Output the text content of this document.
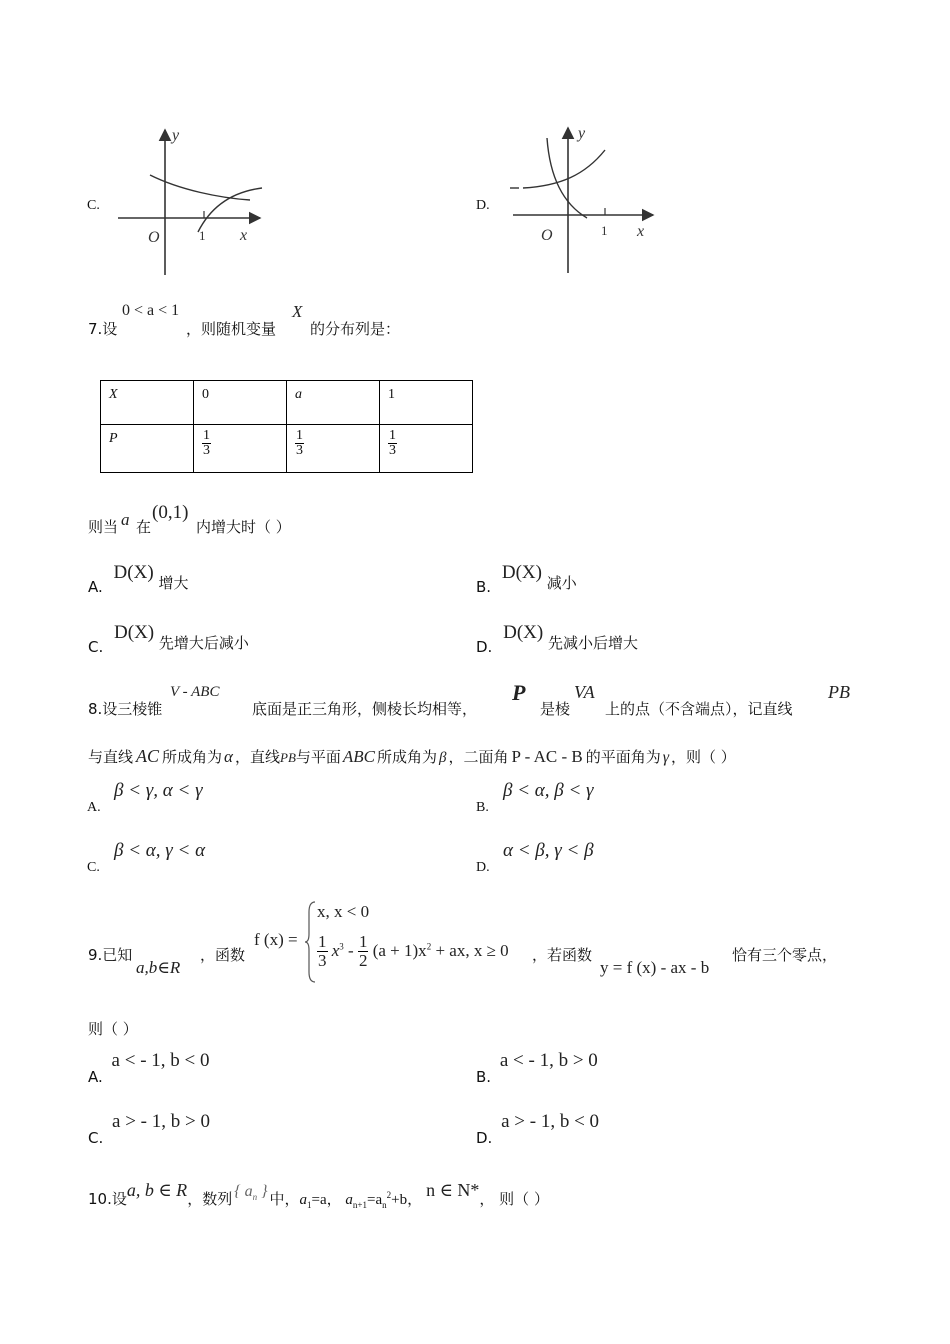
C.
y
x
O	1
D.
y
x
O	1
7.设
0 < a < 1
，则随机变量
X
的分布列是：
X	0	a	1
P	$\frac{1}{3}$	$\frac{1}{3}$	$\frac{1}{3}$
则当 a 在
(0,1)
内增大时（ ）
A. D(X) 增大	B. D(X) 减小
C. D(X) 先增大后减小	D. D(X) 先减小后增大
8.设三棱锥
V - ABC
底面是正三角形，侧棱长均相等，
P
是棱
VA
上的点（不含端点），记直线
PB
与直线 AC 所成角为 α ，直线PB与平面 ABC 所成角为 β ，二面角 P - AC - B 的平面角为 γ ，则（ ）
A.
β < γ, α < γ
B.
β < α, β < γ
C.
β < α, γ < α
D.
α < β, γ < β
9.已知
a,b∈R
，函数
f (x) =
x, x < 0
$\frac{1}{3} x^3 - \frac{1}{2} (a + 1)x^2$ + ax, x ≥ 0 ，若函数
y = f (x) - ax - b
恰有三个零点，
则（ ）
A. a < - 1, b < 0
B. a < - 1, b > 0
C. a > - 1, b > 0
D. a > - 1, b < 0
10.设a, b ∈ R，数列 { $a_n$ } 中，$a_1=a$， $a_{n+1}=a_n^2+b$， n ∈ N*， 则（ ）
